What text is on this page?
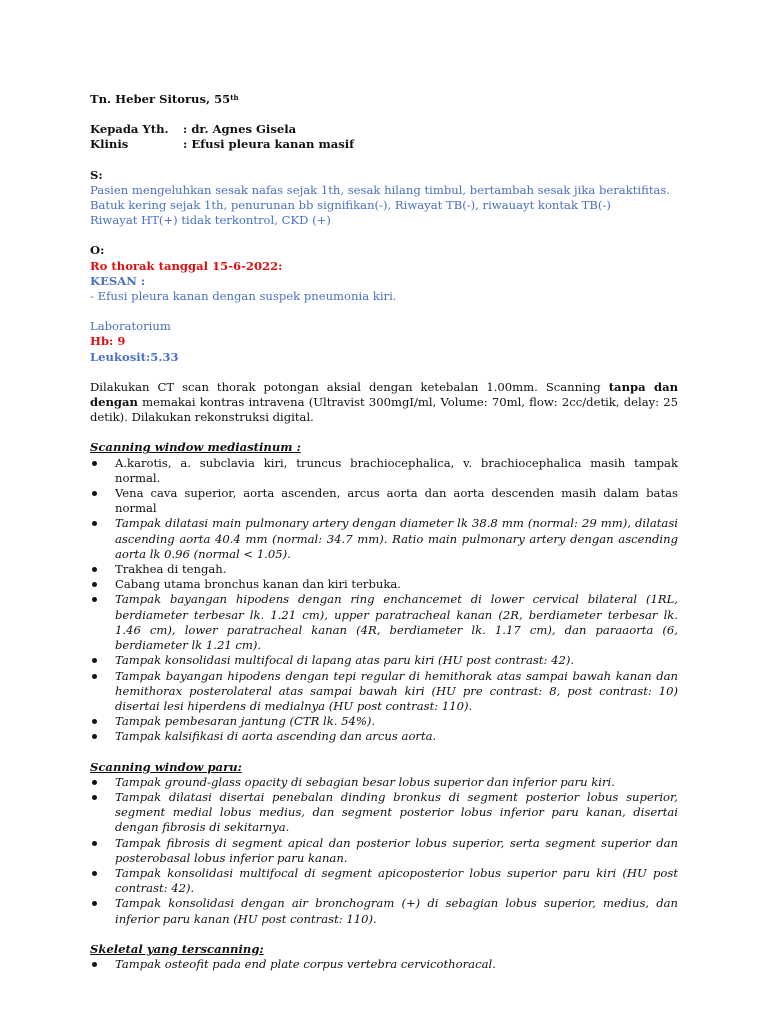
Tn. Heber Sitorus, 55th
Kepada Yth.	: dr. Agnes Gisela
Klinis	: Efusi pleura kanan masif
S:
Pasien mengeluhkan sesak nafas sejak 1th, sesak hilang timbul, bertambah sesak jika beraktifitas.
Batuk kering sejak 1th, penurunan bb signifikan(-), Riwayat TB(-), riwauayt kontak TB(-)
Riwayat HT(+) tidak terkontrol, CKD (+)
O:
Ro thorak tanggal 15-6-2022:
KESAN :
- Efusi pleura kanan dengan suspek pneumonia kiri.
Laboratorium
Hb: 9
Leukosit:5.33

Dilakukan CT scan thorak potongan aksial dengan ketebalan 1.00mm. Scanning tanpa dan dengan memakai kontras intravena (Ultravist 300mgI/ml, Volume: 70ml, flow: 2cc/detik, delay: 25 detik). Dilakukan rekonstruksi digital.

Scanning window mediastinum :
A.karotis, a. subclavia kiri, truncus brachiocephalica, v. brachiocephalica masih tampak normal.
Vena cava superior, aorta ascenden, arcus aorta dan aorta descenden masih dalam batas normal
Tampak dilatasi main pulmonary artery dengan diameter lk 38.8 mm (normal: 29 mm), dilatasi ascending aorta 40.4 mm (normal: 34.7 mm). Ratio main pulmonary artery dengan ascending aorta lk 0.96 (normal < 1.05).
Trakhea di tengah.
Cabang utama bronchus kanan dan kiri terbuka.
Tampak bayangan hipodens dengan ring enchancemet di lower cervical bilateral (1RL, berdiameter terbesar lk. 1.21 cm), upper paratracheal kanan (2R, berdiameter terbesar lk. 1.46 cm), lower paratracheal kanan (4R, berdiameter lk. 1.17 cm), dan paraaorta (6, berdiameter lk 1.21 cm).
Tampak konsolidasi multifocal di lapang atas paru kiri (HU post contrast: 42).
Tampak bayangan hipodens dengan tepi regular di hemithorak atas sampai bawah kanan dan hemithorax posterolateral atas sampai bawah kiri (HU pre contrast: 8, post contrast: 10) disertai lesi hiperdens di medialnya (HU post contrast: 110).
Tampak pembesaran jantung (CTR lk. 54%).
Tampak kalsifikasi di aorta ascending dan arcus aorta.
Scanning window paru:
Tampak ground-glass opacity di sebagian besar lobus superior dan inferior paru kiri.
Tampak dilatasi disertai penebalan dinding bronkus di segment posterior lobus superior, segment medial lobus medius, dan segment posterior lobus inferior paru kanan, disertai dengan fibrosis di sekitarnya.
Tampak fibrosis di segment apical dan posterior lobus superior, serta segment superior dan posterobasal lobus inferior paru kanan.
Tampak konsolidasi multifocal di segment apicoposterior lobus superior paru kiri (HU post contrast: 42).
Tampak konsolidasi dengan air bronchogram (+) di sebagian lobus superior, medius, dan inferior paru kanan (HU post contrast: 110).
Skeletal yang terscanning:
Tampak osteofit pada end plate corpus vertebra cervicothoracal.
